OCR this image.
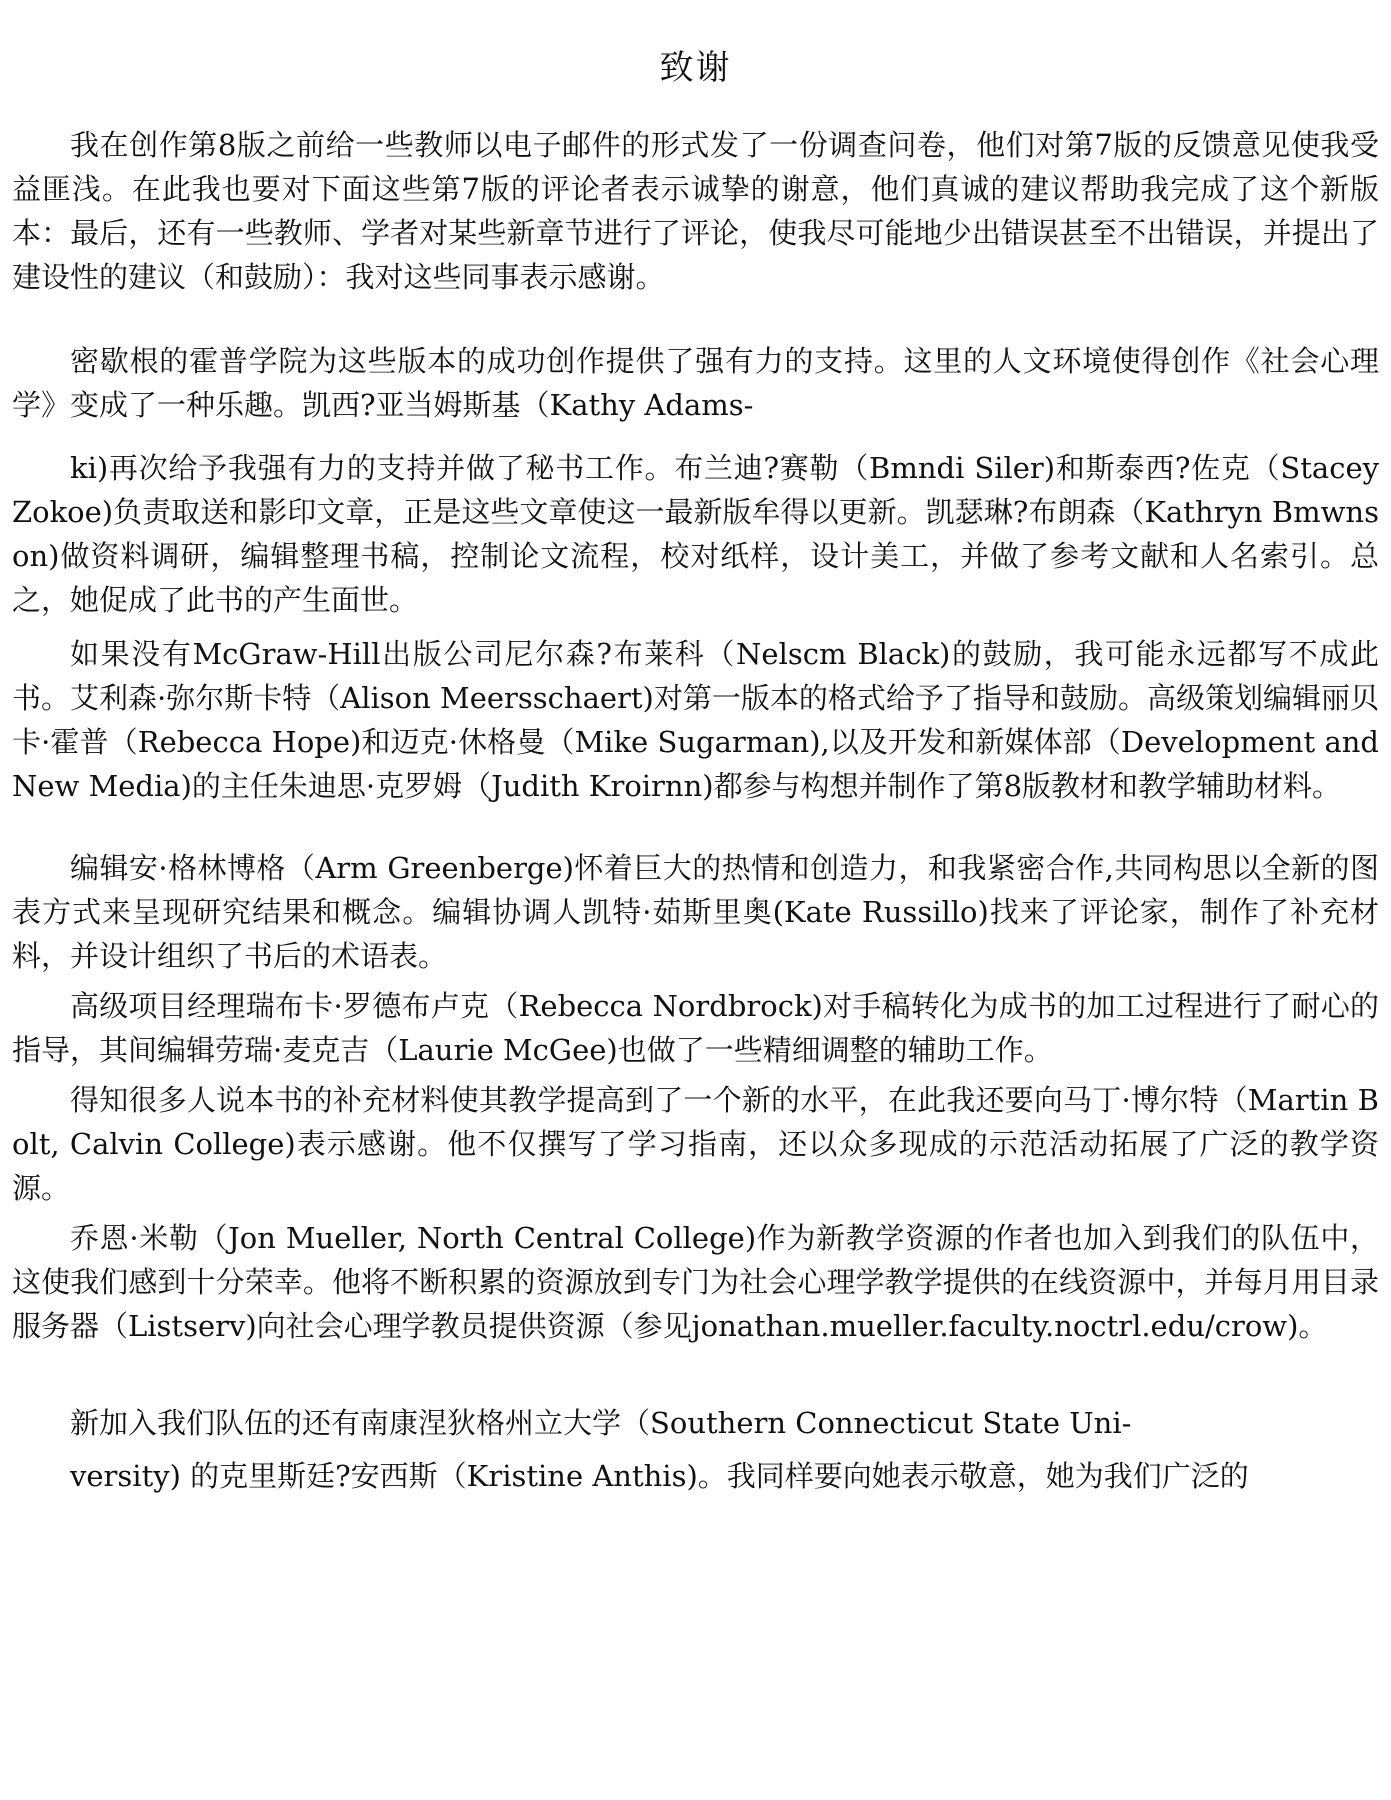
致谢

我在创作第8版之前给一些教师以电子邮件的形式发了一份调查问卷，他们对第7版的反馈意见使我受益匪浅。在此我也要对下面这些第7版的评论者表示诚挚的谢意，他们真诚的建议帮助我完成了这个新版本：最后，还有一些教师、学者对某些新章节进行了评论，使我尽可能地少出错误甚至不出错误，并提出了建设性的建议（和鼓励）：我对这些同事表示感谢。

密歇根的霍普学院为这些版本的成功创作提供了强有力的支持。这里的人文环境使得创作《社会心理学》变成了一种乐趣。凯西?亚当姆斯基（Kathy Adams-

ki)再次给予我强有力的支持并做了秘书工作。布兰迪?赛勒（Bmndi Siler)和斯泰西?佐克（Stacey Zokoe)负责取送和影印文章，正是这些文章使这一最新版牟得以更新。凯瑟琳?布朗森（Kathryn Bmwnson)做资料调研，编辑整理书稿，控制论文流程，校对纸样，设计美工，并做了参考文献和人名索引。总之，她促成了此书的产生面世。

如果没有McGraw-Hill出版公司尼尔森?布莱科（Nelscm Black)的鼓励，我可能永远都写不成此书。艾利森·弥尔斯卡特（Alison Meersschaert)对第一版本的格式给予了指导和鼓励。高级策划编辑丽贝卡·霍普（Rebecca Hope)和迈克·休格曼（Mike Sugarman),以及开发和新媒体部（Development and New Media)的主任朱迪思·克罗姆（Judith Kroirnn)都参与构想并制作了第8版教材和教学辅助材料。

编辑安·格林博格（Arm Greenberge)怀着巨大的热情和创造力，和我紧密合作,共同构思以全新的图表方式来呈现研究结果和概念。编辑协调人凯特·茹斯里奥(Kate Russillo)找来了评论家，制作了补充材料，并设计组织了书后的术语表。

高级项目经理瑞布卡·罗德布卢克（Rebecca Nordbrock)对手稿转化为成书的加工过程进行了耐心的指导，其间编辑劳瑞·麦克吉（Laurie McGee)也做了一些精细调整的辅助工作。

得知很多人说本书的补充材料使其教学提高到了一个新的水平，在此我还要向马丁·博尔特（Martin Bolt, Calvin College)表示感谢。他不仅撰写了学习指南，还以众多现成的示范活动拓展了广泛的教学资源。

乔恩·米勒（Jon Mueller, North Central College)作为新教学资源的作者也加入到我们的队伍中，这使我们感到十分荣幸。他将不断积累的资源放到专门为社会心理学教学提供的在线资源中，并每月用目录服务器（Listserv)向社会心理学教员提供资源（参见jonathan.mueller.faculty.noctrl.edu/crow)。

新加入我们队伍的还有南康涅狄格州立大学（Southern Connecticut State Uni-

versity) 的克里斯廷?安西斯（Kristine Anthis)。我同样要向她表示敬意，她为我们广泛的
